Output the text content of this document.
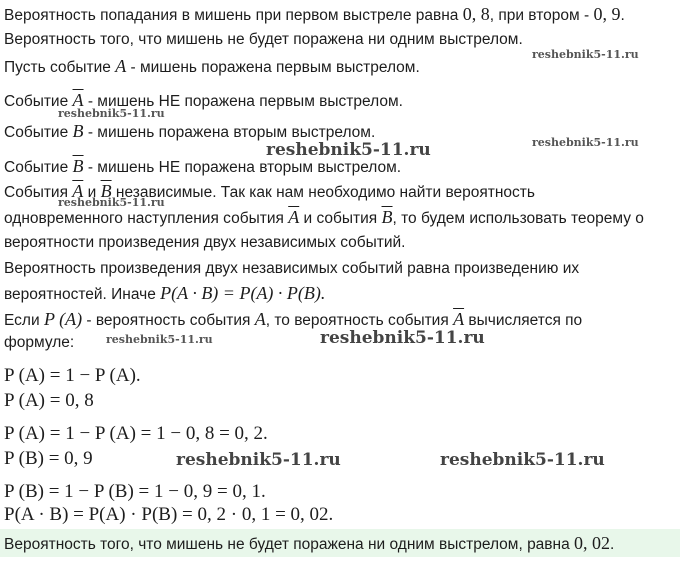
Вероятность попадания в мишень при первом выстреле равна 0, 8, при втором - 0, 9.
Вероятность того, что мишень не будет поражена ни одним выстрелом.
Пусть событие A - мишень поражена первым выстрелом.
Событие $\overline{A}$ - мишень НЕ поражена первым выстрелом.
Событие B - мишень поражена вторым выстрелом.
Событие $\overline{B}$ - мишень НЕ поражена вторым выстрелом.
События $\overline{A}$ и $\overline{B}$ независимые. Так как нам необходимо найти вероятность
одновременного наступления события $\overline{A}$ и события $\overline{B}$, то будем использовать теорему о
вероятности произведения двух независимых событий.
Вероятность произведения двух независимых событий равна произведению их
вероятностей. Иначе P(A · B) = P(A) · P(B).
Если P (A) - вероятность события A, то вероятность события $\overline{A}$ вычисляется по
формуле:
P (A) = 1 − P (A).
P (A) = 0, 8
P (A) = 1 − P (A) = 1 − 0, 8 = 0, 2.
P (B) = 0, 9
P (B) = 1 − P (B) = 1 − 0, 9 = 0, 1.
P(A · B) = P(A) · P(B) = 0, 2 · 0, 1 = 0, 02.
Вероятность того, что мишень не будет поражена ни одним выстрелом, равна 0, 02.
reshebnik5-11.ru
reshebnik5-11.ru
reshebnik5-11.ru
reshebnik5-11.ru
reshebnik5-11.ru
reshebnik5-11.ru	reshebnik5-11.ru
reshebnik5-11.ru	reshebnik5-11.ru
